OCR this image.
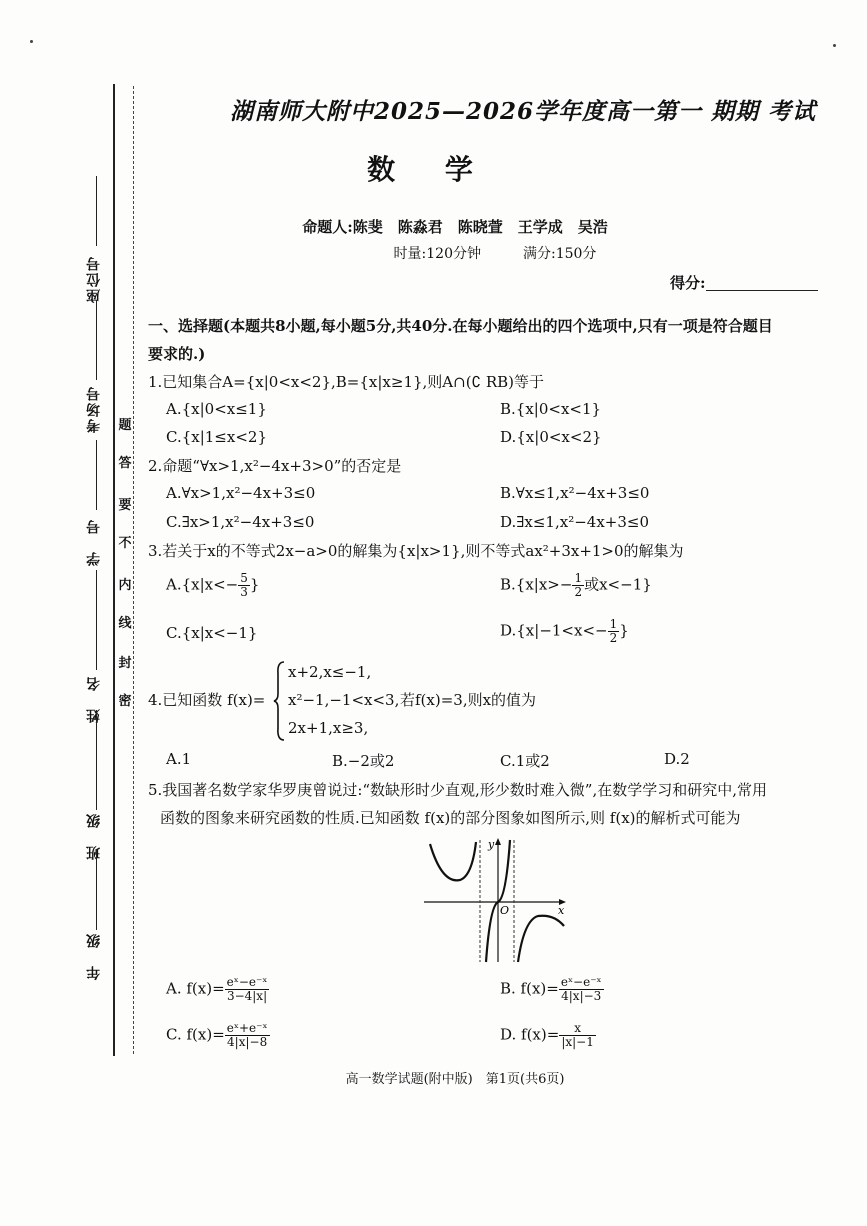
座位号
考场号
学　号
姓　名
班　级
年　级
题
答
要
不
内
线
封
密
湖南师大附中2025—2026学年度高一第一 期期 考试
数 学
命题人:陈斐　陈淼君　陈晓萱　王学成　吴浩
时量:120分钟　　　满分:150分
得分:
一、选择题(本题共8小题,每小题5分,共40分.在每小题给出的四个选项中,只有一项是符合题目
要求的.)
1.已知集合A={x|0<x<2},B={x|x≥1},则A∩(∁ RB)等于
A.{x|0<x≤1}	B.{x|0<x<1}
C.{x|1≤x<2}	D.{x|0<x<2}
2.命题“∀x>1,x²−4x+3>0”的否定是
A.∀x>1,x²−4x+3≤0	B.∀x≤1,x²−4x+3≤0
C.∃x>1,x²−4x+3≤0	D.∃x≤1,x²−4x+3≤0
3.若关于x的不等式2x−a>0的解集为{x|x>1},则不等式ax²+3x+1>0的解集为
$A.\{x|x<- \frac{5}{3}$ }	$B.\{x|x>- \frac{1}{2}$ 或x<−1}
C.{x|x<−1}	$D.\{x|-1<x<- \frac{1}{2}$ }
4.已知函数 f(x)=
x+2,x≤−1,
x²−1,−1<x<3,
2x+1,x≥3,
若f(x)=3,则x的值为
A.1	B.−2或2	C.1或2	D.2
5.我国著名数学家华罗庚曾说过:“数缺形时少直观,形少数时难入微”,在数学学习和研究中,常用
函数的图象来研究函数的性质.已知函数 f(x)的部分图象如图所示,则 f(x)的解析式可能为
y
x
O
A. $f(x)= \frac{\text{eˣ−e⁻ˣ}}{3-4|x|}$	B. $f(x)= \frac{\text{eˣ−e⁻ˣ}}{4|x|-3}$
C. $f(x)= \frac{\text{eˣ+e⁻ˣ}}{4|x|-8}$	D. $f(x)= \frac{x}{|x|-1}$
高一数学试题(附中版)　第1页(共6页)
